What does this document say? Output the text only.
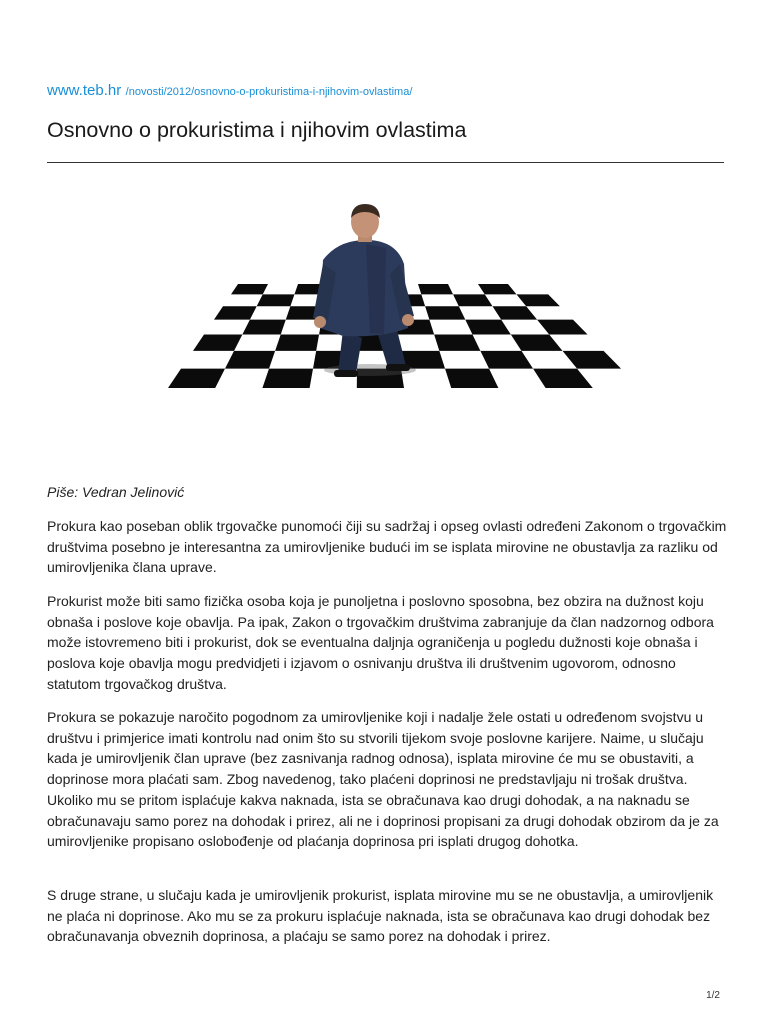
www.teb.hr /novosti/2012/osnovno-o-prokuristima-i-njihovim-ovlastima/
Osnovno o prokuristima i njihovim ovlastima

Piše: Vedran Jelinović

Prokura kao poseban oblik trgovačke punomoći čiji su sadržaj i opseg ovlasti određeni Zakonom o trgovačkim društvima posebno je interesantna za umirovljenike budući im se isplata mirovine ne obustavlja za razliku od umirovljenika člana uprave.

Prokurist može biti samo fizička osoba koja je punoljetna i poslovno sposobna, bez obzira na dužnost koju obnaša i poslove koje obavlja. Pa ipak, Zakon o trgovačkim društvima zabranjuje da član nadzornog odbora može istovremeno biti i prokurist, dok se eventualna daljnja ograničenja u pogledu dužnosti koje obnaša i poslova koje obavlja mogu predvidjeti i izjavom o osnivanju društva ili društvenim ugovorom, odnosno statutom trgovačkog društva.

Prokura se pokazuje naročito pogodnom za umirovljenike koji i nadalje žele ostati u određenom svojstvu u društvu i primjerice imati kontrolu nad onim što su stvorili tijekom svoje poslovne karijere. Naime, u slučaju kada je umirovljenik član uprave (bez zasnivanja radnog odnosa), isplata mirovine će mu se obustaviti, a doprinose mora plaćati sam. Zbog navedenog, tako plaćeni doprinosi ne predstavljaju ni trošak društva. Ukoliko mu se pritom isplaćuje kakva naknada, ista se obračunava kao drugi dohodak, a na naknadu se obračunavaju samo porez na dohodak i prirez, ali ne i doprinosi propisani za drugi dohodak obzirom da je za umirovljenike propisano oslobođenje od plaćanja doprinosa pri isplati drugog dohotka.

S druge strane, u slučaju kada je umirovljenik prokurist, isplata mirovine mu se ne obustavlja, a umirovljenik ne plaća ni doprinose. Ako mu se za prokuru isplaćuje naknada, ista se obračunava kao drugi dohodak bez obračunavanja obveznih doprinosa, a plaćaju se samo porez na dohodak i prirez.

1/2
